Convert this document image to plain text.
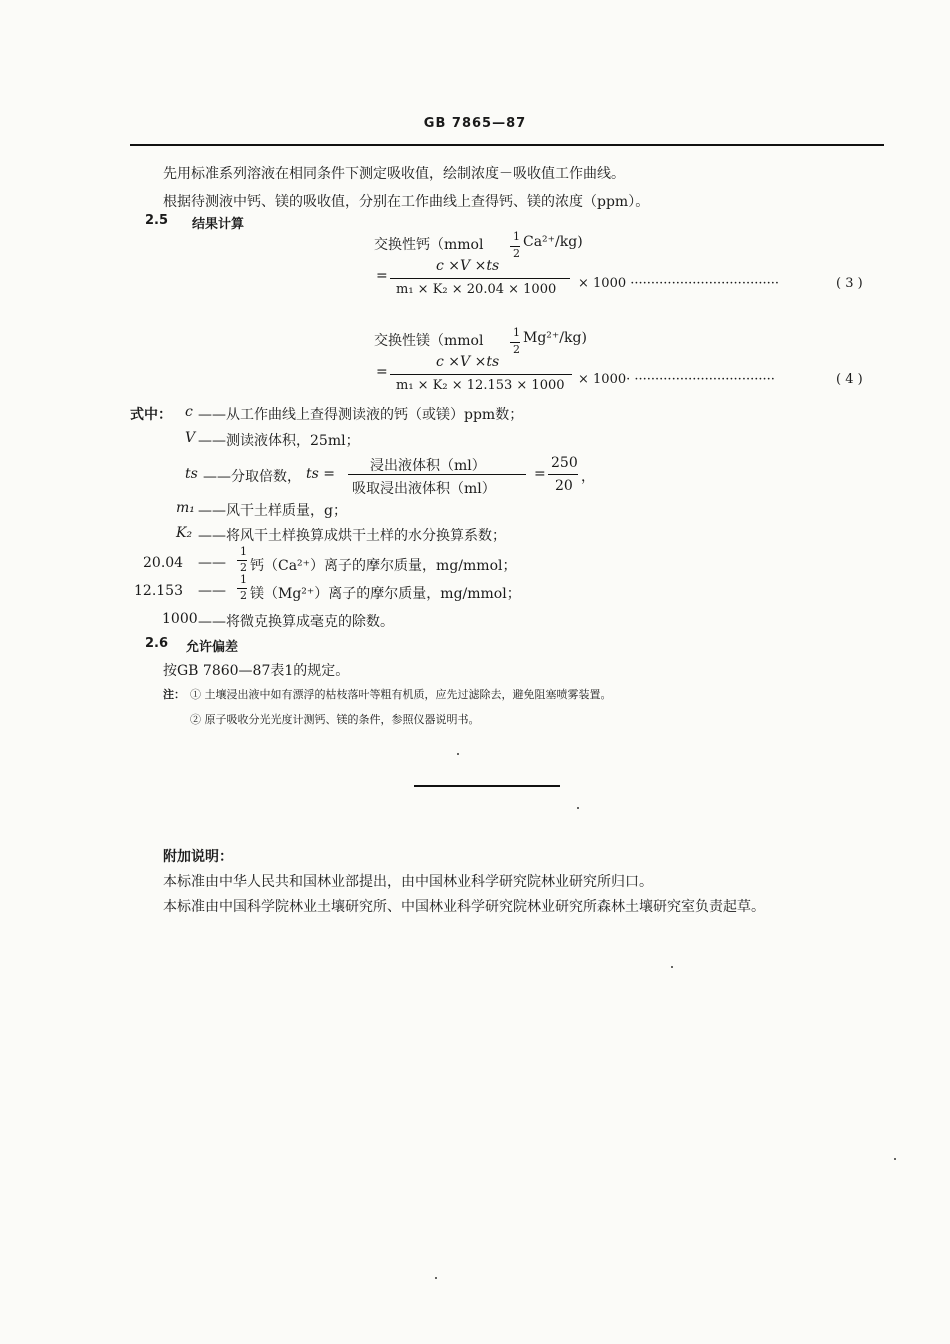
GB 7865—87
先用标准系列溶液在相同条件下测定吸收值，绘制浓度－吸收值工作曲线。
根据待测液中钙、镁的吸收值，分别在工作曲线上查得钙、镁的浓度（ppm）。
2.5 结果计算
交换性钙（mmol
1
2
Ca²⁺/kg)
=
c ×V ×ts
m₁ × K₂ × 20.04 × 1000 × 1000 ····································	( 3 )
交换性镁（mmol
1
2
Mg²⁺/kg)
=
c ×V ×ts
m₁ × K₂ × 12.153 × 1000 × 1000· ··································	( 4 )
式中： c ——从工作曲线上查得测读液的钙（或镁）ppm数；
V ——测读液体积，25ml；
ts ——分取倍数， ts =	浸出液体积（ml）
吸取浸出液体积（ml）
=
250
20
，
m₁ ——风干土样质量，g；
K₂ ——将风干土样换算成烘干土样的水分换算系数；
20.04 ——
1
2 钙（Ca²⁺）离子的摩尔质量，mg/mmol；
12.153 ——
1
2 镁（Mg²⁺）离子的摩尔质量，mg/mmol；
1000 ——将微克换算成毫克的除数。
2.6 允许偏差
按GB 7860—87表1的规定。
注： ① 土壤浸出液中如有漂浮的枯枝落叶等粗有机质，应先过滤除去，避免阻塞喷雾装置。
② 原子吸收分光光度计测钙、镁的条件，参照仪器说明书。
附加说明：
本标准由中华人民共和国林业部提出，由中国林业科学研究院林业研究所归口。
本标准由中国科学院林业土壤研究所、中国林业科学研究院林业研究所森林土壤研究室负责起草。
